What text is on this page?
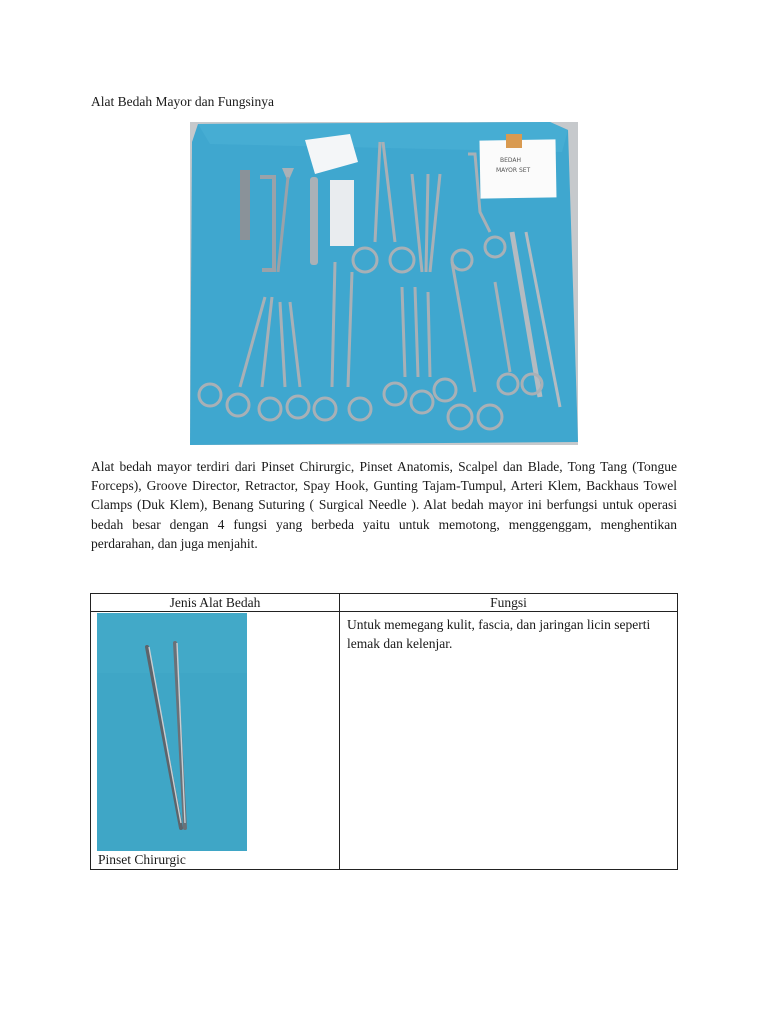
Alat Bedah Mayor dan Fungsinya
BEDAH
MAYOR SET
Alat bedah mayor terdiri dari Pinset Chirurgic, Pinset Anatomis, Scalpel dan Blade, Tong Tang (Tongue Forceps), Groove Director, Retractor, Spay Hook, Gunting Tajam-Tumpul, Arteri Klem, Backhaus Towel Clamps (Duk Klem), Benang Suturing ( Surgical Needle ). Alat bedah mayor ini berfungsi untuk operasi bedah besar dengan 4 fungsi yang berbeda yaitu untuk memotong, menggenggam, menghentikan perdarahan, dan juga menjahit.
Jenis Alat Bedah	Fungsi

Pinset Chirurgic	Untuk memegang kulit, fascia, dan jaringan licin seperti lemak dan kelenjar.
